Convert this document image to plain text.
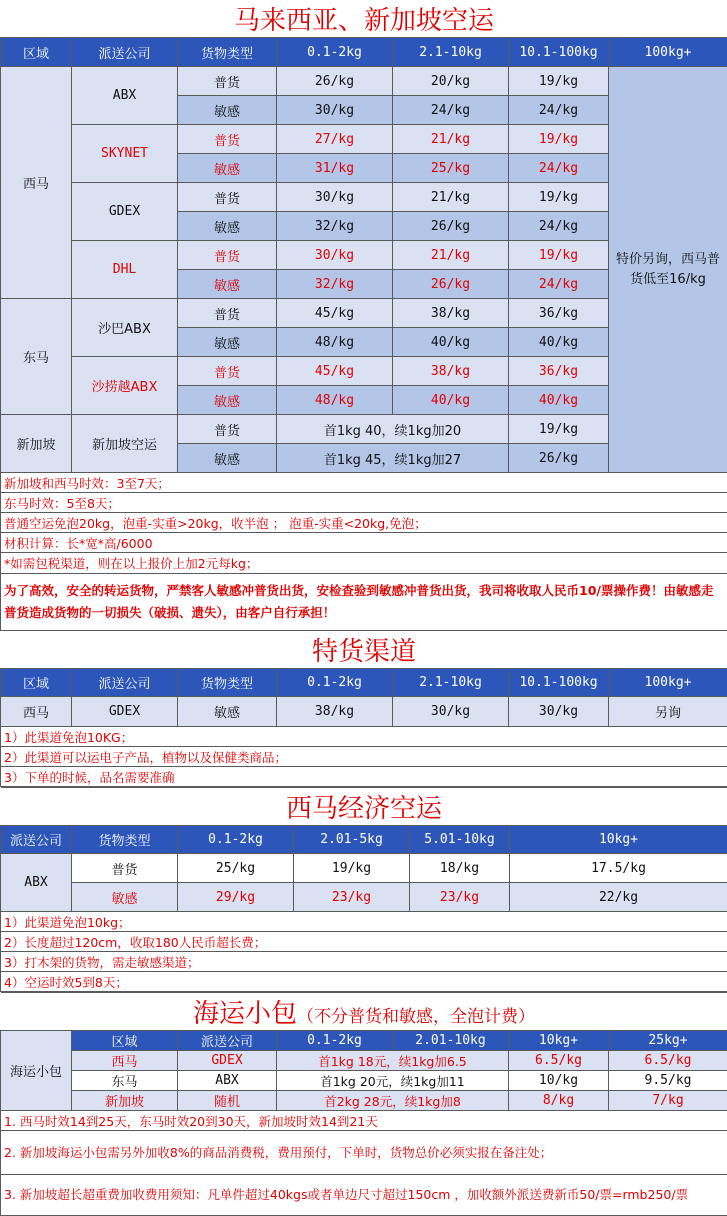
马来西亚、新加坡空运						
区域	派送公司	货物类型	0.1-2kg	2.1-10kg	10.1-100kg	100kg+
西马	ABX	普货	26/kg	20/kg	19/kg	特价另询，西马普货低至16/kg
		敏感	30/kg	24/kg	24/kg	
	SKYNET	普货	27/kg	21/kg	19/kg	
		敏感	31/kg	25/kg	24/kg	
	GDEX	普货	30/kg	21/kg	19/kg	
		敏感	32/kg	26/kg	24/kg	
	DHL	普货	30/kg	21/kg	19/kg	
		敏感	32/kg	26/kg	24/kg	
东马	沙巴ABX	普货	45/kg	38/kg	36/kg	
		敏感	48/kg	40/kg	40/kg	
	沙捞越ABX	普货	45/kg	38/kg	36/kg	
		敏感	48/kg	40/kg	40/kg	
新加坡	新加坡空运	普货	首1kg 40，续1kg加20		19/kg	
		敏感	首1kg 45，续1kg加27		26/kg	
新加坡和西马时效：3至7天；						
东马时效：5至8天；						
普通空运免泡20kg，泡重-实重>20kg，收半泡 ； 泡重-实重<20kg,免泡；						
材积计算：长*宽*高/6000						
*如需包税渠道，则在以上报价上加2元每kg；						
为了高效，安全的转运货物，严禁客人敏感冲普货出货，安检查验到敏感冲普货出货，我司将收取人民币10/票操作费！由敏感走普货造成货物的一切损失（破损、遗失），由客户自行承担！						
特货渠道						
区域	派送公司	货物类型	0.1-2kg	2.1-10kg	10.1-100kg	100kg+
西马	GDEX	敏感	38/kg	30/kg	30/kg	另询
1）此渠道免泡10KG；						
2）此渠道可以运电子产品，植物以及保健类商品；						
3）下单的时候，品名需要准确						
西马经济空运					
派送公司	货物类型	0.1-2kg	2.01-5kg	5.01-10kg	10kg+
ABX	普货	25/kg	19/kg	18/kg	17.5/kg
	敏感	29/kg	23/kg	23/kg	22/kg
1）此渠道免泡10kg；					
2）长度超过120cm，收取180人民币超长费；					
3）打木架的货物，需走敏感渠道；					
4）空运时效5到8天；					
海运小包（不分普货和敏感，全泡计费）						
海运小包	区域	派送公司	0.1-2kg	2.01-10kg	10kg+	25kg+
	西马	GDEX	首1kg 18元，续1kg加6.5		6.5/kg	6.5/kg
	东马	ABX	首1kg 20元，续1kg加11		10/kg	9.5/kg
	新加坡	随机	首2kg 28元，续1kg加8		8/kg	7/kg
1. 西马时效14到25天，东马时效20到30天，新加坡时效14到21天						
2. 新加坡海运小包需另外加收8%的商品消费税，费用预付，下单时，货物总价必须实报在备注处；						
3. 新加坡超长超重费加收费用须知：凡单件超过40kgs或者单边尺寸超过150cm ，加收额外派送费新币50/票=rmb250/票						
